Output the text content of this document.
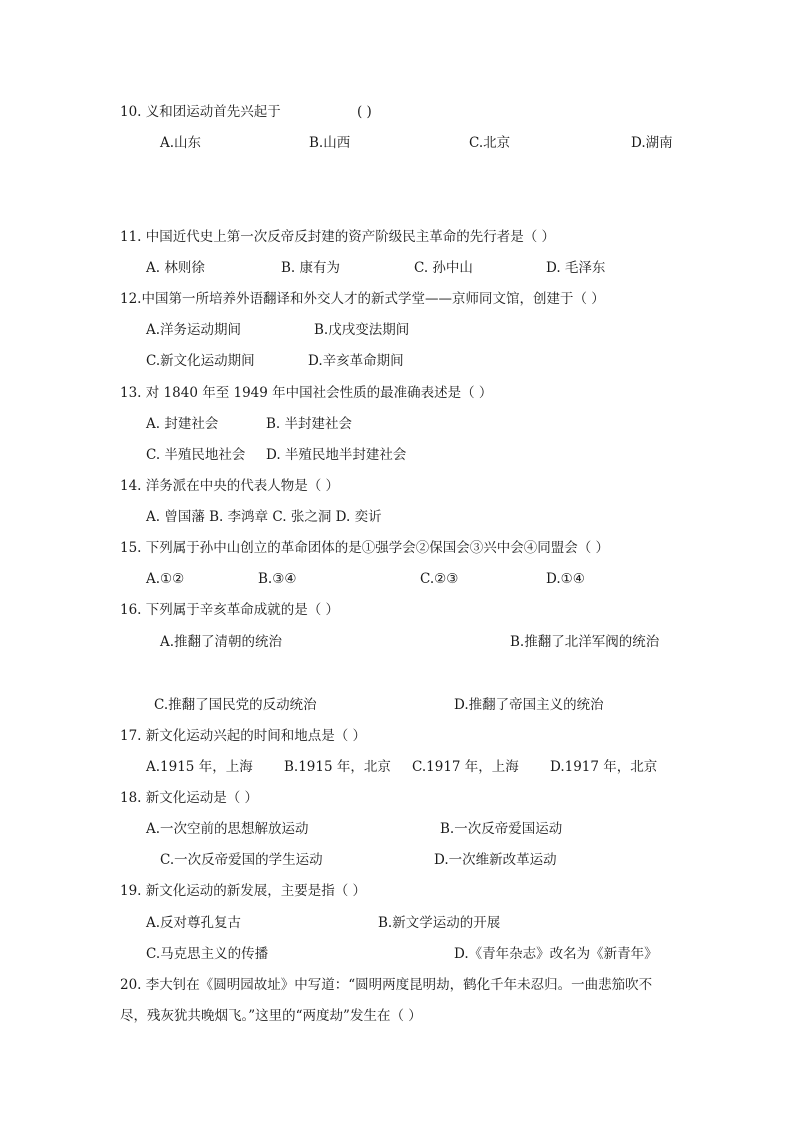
10. 义和团运动首先兴起于	( )
A.山东	B.山西	C.北京	D.湖南
11. 中国近代史上第一次反帝反封建的资产阶级民主革命的先行者是（ ）
A. 林则徐	B. 康有为	C. 孙中山	D. 毛泽东
12.中国第一所培养外语翻译和外交人才的新式学堂——京师同文馆，创建于（ ）
A.洋务运动期间	B.戊戌变法期间
C.新文化运动期间	D.辛亥革命期间
13. 对 1840 年至 1949 年中国社会性质的最准确表述是（ ）
A. 封建社会	B. 半封建社会
C. 半殖民地社会 D. 半殖民地半封建社会
14. 洋务派在中央的代表人物是（ ）
A. 曾国藩 B. 李鸿章 C. 张之洞 D. 奕䜣
15. 下列属于孙中山创立的革命团体的是①强学会②保国会③兴中会④同盟会（ ）
A.①②	B.③④	C.②③	D.①④
16. 下列属于辛亥革命成就的是（ ）
A.推翻了清朝的统治	B.推翻了北洋军阀的统治
C.推翻了国民党的反动统治	D.推翻了帝国主义的统治
17. 新文化运动兴起的时间和地点是（ ）
A.1915 年，上海 B.1915 年，北京 C.1917 年，上海 D.1917 年，北京
18. 新文化运动是（ ）
A.一次空前的思想解放运动	B.一次反帝爱国运动
C.一次反帝爱国的学生运动	D.一次维新改革运动
19. 新文化运动的新发展，主要是指（ ）
A.反对尊孔复古	B.新文学运动的开展
C.马克思主义的传播	D.《青年杂志》改名为《新青年》
20. 李大钊在《圆明园故址》中写道：“圆明两度昆明劫，鹤化千年未忍归。一曲悲笳吹不
尽，残灰犹共晚烟飞。”这里的“两度劫”发生在（ ）
